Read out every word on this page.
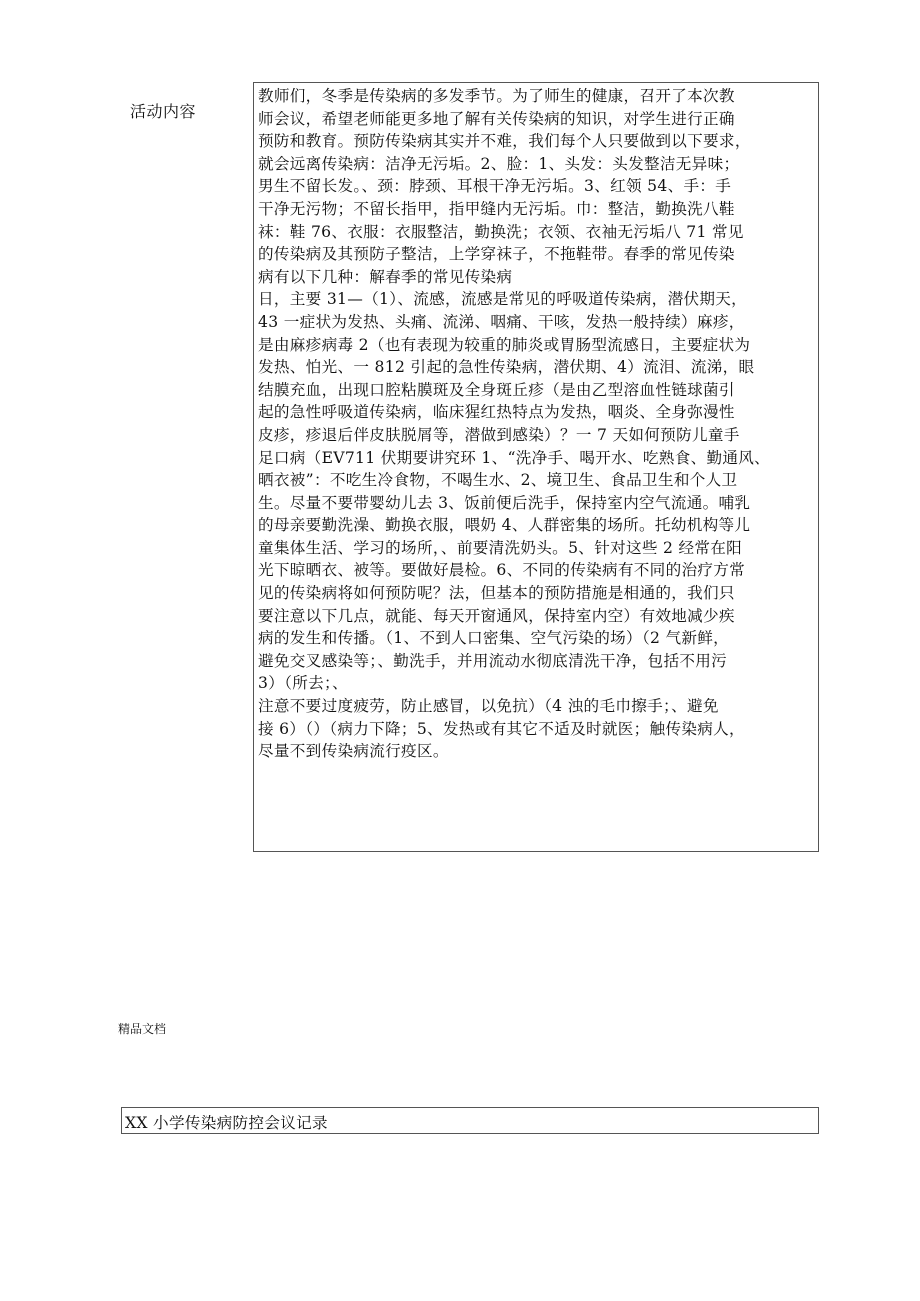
活动内容
教师们，冬季是传染病的多发季节。为了师生的健康，召开了本次教
师会议，希望老师能更多地了解有关传染病的知识，对学生进行正确
预防和教育。预防传染病其实并不难，我们每个人只要做到以下要求，
就会远离传染病：洁净无污垢。2、脸：1、头发：头发整洁无异味；
男生不留长发。、颈：脖颈、耳根干净无污垢。3、红领 54、手：手
干净无污物；不留长指甲，指甲缝内无污垢。巾：整洁，勤换洗八鞋
袜：鞋 76、衣服：衣服整洁，勤换洗；衣领、衣袖无污垢八 71 常见
的传染病及其预防子整洁，上学穿袜子，不拖鞋带。春季的常见传染
病有以下几种：解春季的常见传染病
日，主要 31—（1）、流感，流感是常见的呼吸道传染病，潜伏期天，
43 一症状为发热、头痛、流涕、咽痛、干咳，发热一般持续）麻疹，
是由麻疹病毒 2（也有表现为较重的肺炎或胃肠型流感日，主要症状为
发热、怕光、一 812 引起的急性传染病，潜伏期、4）流泪、流涕，眼
结膜充血，出现口腔粘膜斑及全身斑丘疹（是由乙型溶血性链球菌引
起的急性呼吸道传染病，临床猩红热特点为发热，咽炎、全身弥漫性
皮疹，疹退后伴皮肤脱屑等，潜做到感染）？一 7 天如何预防儿童手
足口病（EV711 伏期要讲究环 1、“洗净手、喝开水、吃熟食、勤通风、
晒衣被”：不吃生冷食物，不喝生水、2、境卫生、食品卫生和个人卫
生。尽量不要带婴幼儿去 3、饭前便后洗手，保持室内空气流通。哺乳
的母亲要勤洗澡、勤换衣服，喂奶 4、人群密集的场所。托幼机构等儿
童集体生活、学习的场所，、前要清洗奶头。5、针对这些 2 经常在阳
光下晾晒衣、被等。要做好晨检。6、不同的传染病有不同的治疗方常
见的传染病将如何预防呢？法，但基本的预防措施是相通的，我们只
要注意以下几点，就能、每天开窗通风，保持室内空）有效地减少疾
病的发生和传播。（1、不到人口密集、空气污染的场）（2 气新鲜，
避免交叉感染等；、勤洗手，并用流动水彻底清洗干净，包括不用污
3）（所去；、
注意不要过度疲劳，防止感冒，以免抗）（4 浊的毛巾擦手；、避免
接 6）（）（病力下降；5、发热或有其它不适及时就医；触传染病人，
尽量不到传染病流行疫区。
精品文档
XX 小学传染病防控会议记录
